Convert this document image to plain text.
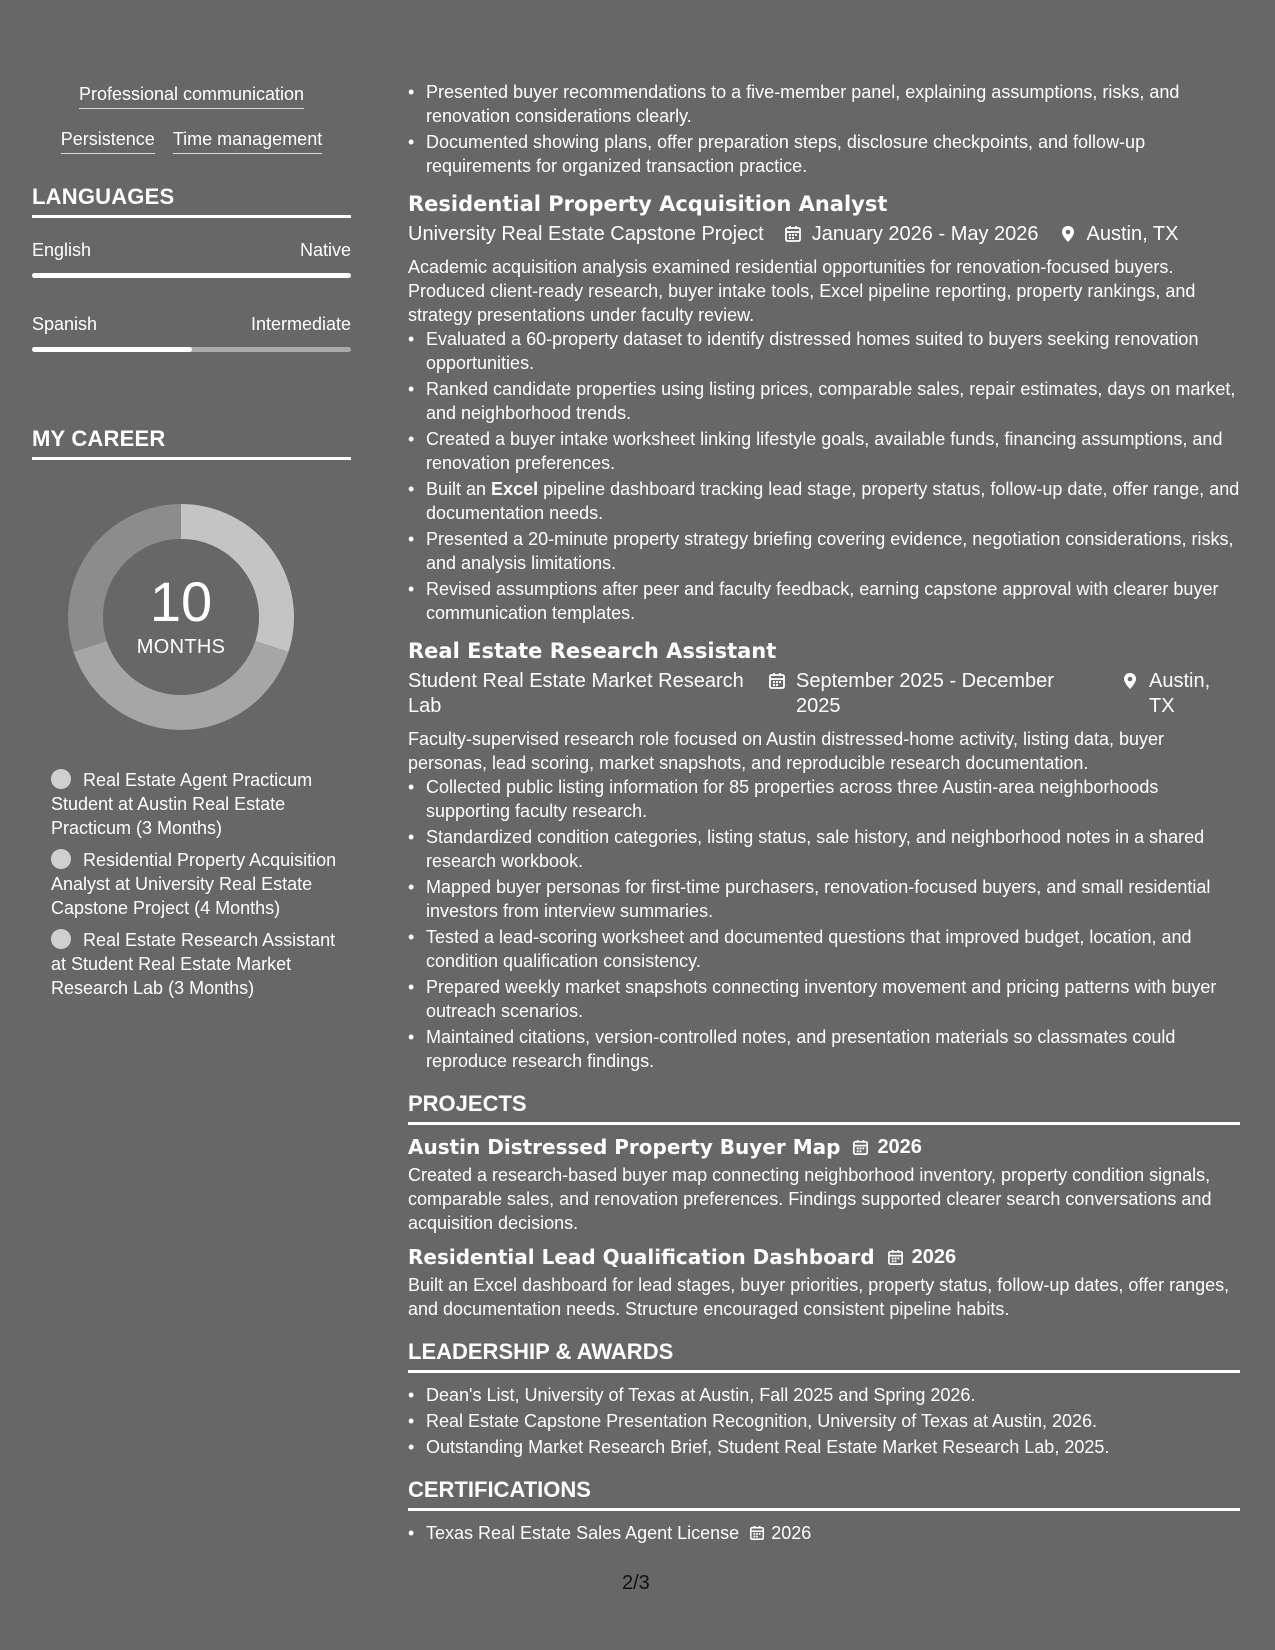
Professional communication
Persistence Time management
LANGUAGES
English	Native
Spanish	Intermediate
MY CAREER
10
MONTHS
Real Estate Agent Practicum Student at Austin Real Estate Practicum (3 Months)
Residential Property Acquisition Analyst at University Real Estate Capstone Project (4 Months)
Real Estate Research Assistant at Student Real Estate Market Research Lab (3 Months)
• Presented buyer recommendations to a five-member panel, explaining assumptions, risks, and renovation considerations clearly.
• Documented showing plans, offer preparation steps, disclosure checkpoints, and follow-up requirements for organized transaction practice.
Residential Property Acquisition Analyst
University Real Estate Capstone Project January 2026 - May 2026 Austin, TX
Academic acquisition analysis examined residential opportunities for renovation-focused buyers. Produced client-ready research, buyer intake tools, Excel pipeline reporting, property rankings, and strategy presentations under faculty review.
• Evaluated a 60-property dataset to identify distressed homes suited to buyers seeking renovation opportunities.
• Ranked candidate properties using listing prices, comparable sales, repair estimates, days on market, and neighborhood trends.
• Created a buyer intake worksheet linking lifestyle goals, available funds, financing assumptions, and renovation preferences.
• Built an Excel pipeline dashboard tracking lead stage, property status, follow-up date, offer range, and documentation needs.
• Presented a 20-minute property strategy briefing covering evidence, negotiation considerations, risks, and analysis limitations.
• Revised assumptions after peer and faculty feedback, earning capstone approval with clearer buyer communication templates.
Real Estate Research Assistant
Student Real Estate Market Research Lab
September 2025 - December 2025
Austin, TX
Faculty-supervised research role focused on Austin distressed-home activity, listing data, buyer personas, lead scoring, market snapshots, and reproducible research documentation.
• Collected public listing information for 85 properties across three Austin-area neighborhoods supporting faculty research.
• Standardized condition categories, listing status, sale history, and neighborhood notes in a shared research workbook.
• Mapped buyer personas for first-time purchasers, renovation-focused buyers, and small residential investors from interview summaries.
• Tested a lead-scoring worksheet and documented questions that improved budget, location, and condition qualification consistency.
• Prepared weekly market snapshots connecting inventory movement and pricing patterns with buyer outreach scenarios.
• Maintained citations, version-controlled notes, and presentation materials so classmates could reproduce research findings.
PROJECTS
Austin Distressed Property Buyer Map 2026
Created a research-based buyer map connecting neighborhood inventory, property condition signals, comparable sales, and renovation preferences. Findings supported clearer search conversations and acquisition decisions.
Residential Lead Qualification Dashboard 2026
Built an Excel dashboard for lead stages, buyer priorities, property status, follow-up dates, offer ranges, and documentation needs. Structure encouraged consistent pipeline habits.
LEADERSHIP & AWARDS
• Dean's List, University of Texas at Austin, Fall 2025 and Spring 2026.
• Real Estate Capstone Presentation Recognition, University of Texas at Austin, 2026.
• Outstanding Market Research Brief, Student Real Estate Market Research Lab, 2025.
CERTIFICATIONS
• Texas Real Estate Sales Agent License 2026
2/3
